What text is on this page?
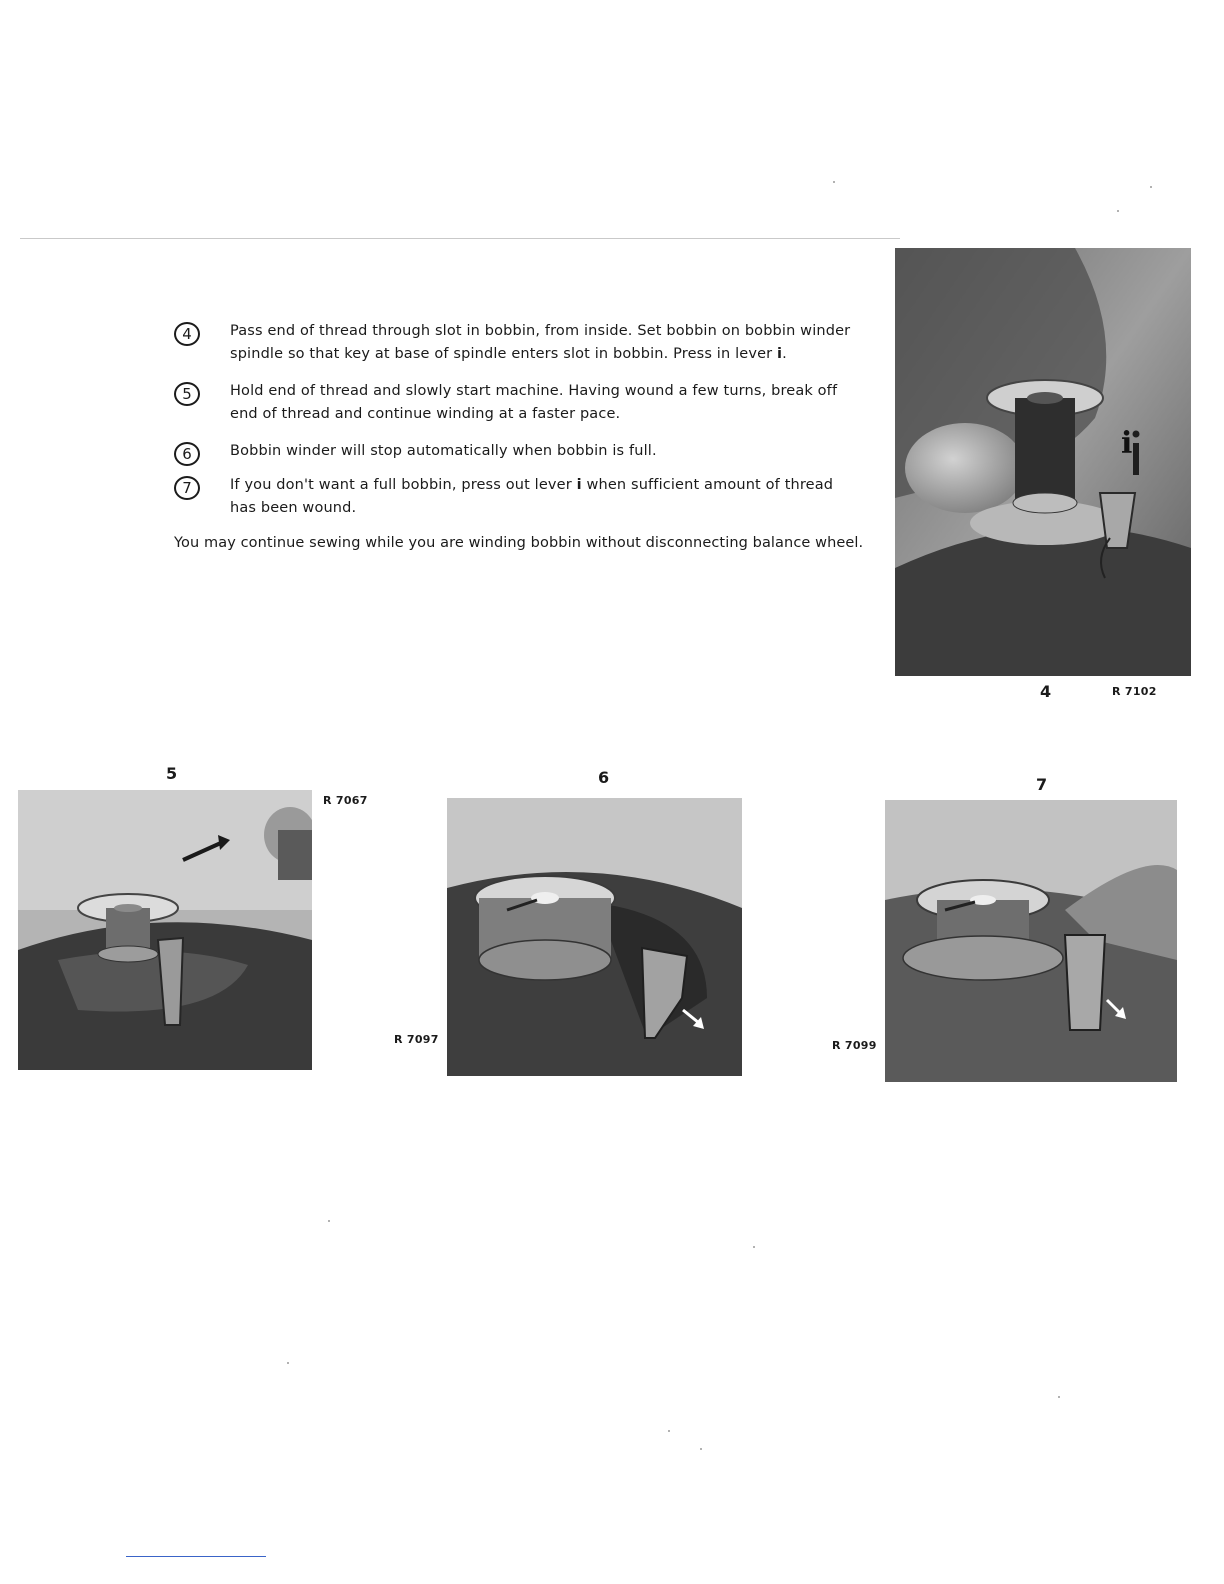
4	Pass end of thread through slot in bobbin, from inside. Set bobbin on bobbin winder spindle so that key at base of spindle enters slot in bobbin. Press in lever i.
5	Hold end of thread and slowly start machine. Having wound a few turns, break off end of thread and continue winding at a faster pace.
6	Bobbin winder will stop automatically when bobbin is full.
7	If you don't want a full bobbin, press out lever i when sufficient amount of thread has been wound.
You may continue sewing while you are winding bobbin without disconnecting balance wheel.
i
4	R 7102
5
R 7067
6
R 7097
7
R 7099
